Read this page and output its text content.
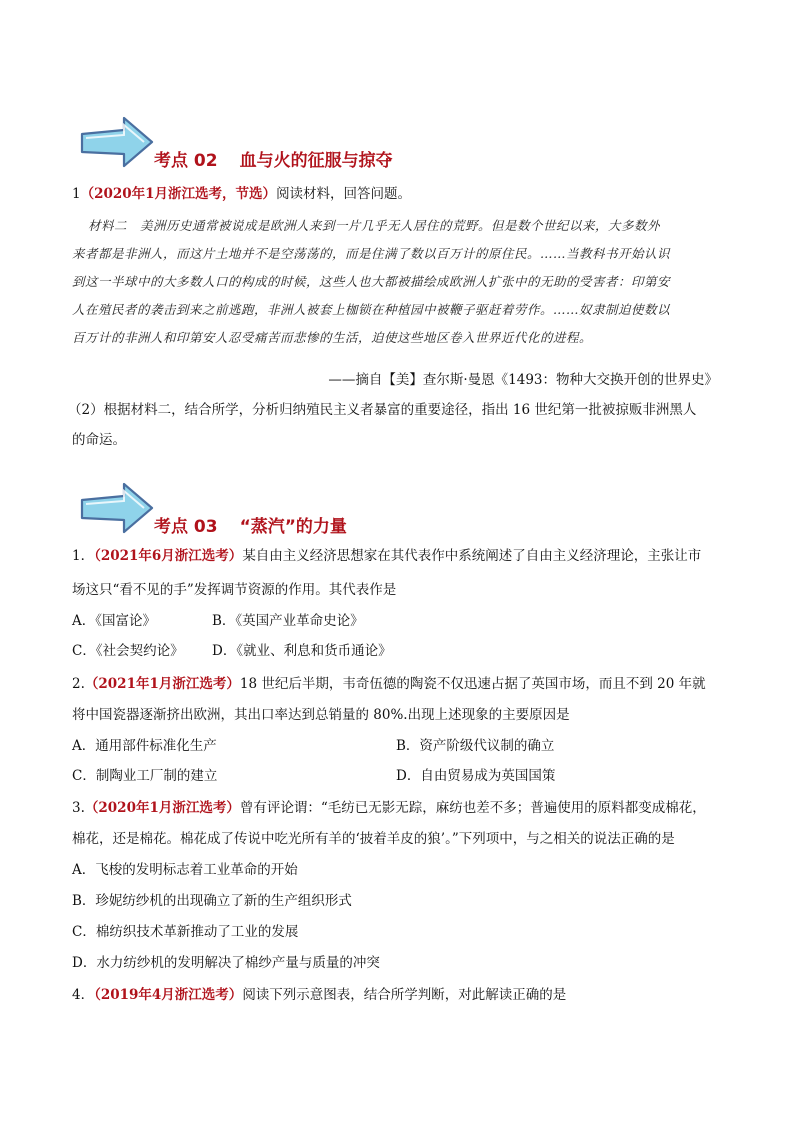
考点 02 血与火的征服与掠夺
1（2020年1月浙江选考，节选）阅读材料，回答问题。
材料二　美洲历史通常被说成是欧洲人来到一片几乎无人居住的荒野。但是数个世纪以来，大多数外
来者都是非洲人，而这片土地并不是空荡荡的，而是住满了数以百万计的原住民。……当教科书开始认识
到这一半球中的大多数人口的构成的时候，这些人也大都被描绘成欧洲人扩张中的无助的受害者：印第安
人在殖民者的袭击到来之前逃跑，非洲人被套上枷锁在种植园中被鞭子驱赶着劳作。……奴隶制迫使数以
百万计的非洲人和印第安人忍受痛苦而悲惨的生活，迫使这些地区卷入世界近代化的进程。
——摘自【美】查尔斯·曼恩《1493：物种大交换开创的世界史》
（2）根据材料二，结合所学，分析归纳殖民主义者暴富的重要途径，指出 16 世纪第一批被掠贩非洲黑人
的命运。
考点 03 “蒸汽”的力量
1．（2021年6月浙江选考）某自由主义经济思想家在其代表作中系统阐述了自由主义经济理论，主张让市
场这只“看不见的手”发挥调节资源的作用。其代表作是
A．《国富论》	B．《英国产业革命史论》
C．《社会契约论》 D．《就业、利息和货币通论》
2.（2021年1月浙江选考）18 世纪后半期，韦奇伍德的陶瓷不仅迅速占据了英国市场，而且不到 20 年就
将中国瓷器逐渐挤出欧洲，其出口率达到总销量的 80%.出现上述现象的主要原因是
A．通用部件标准化生产	B．资产阶级代议制的确立
C．制陶业工厂制的建立	D．自由贸易成为英国国策
3.（2020年1月浙江选考）曾有评论谓：“毛纺已无影无踪，麻纺也差不多；普遍使用的原料都变成棉花，
棉花，还是棉花。棉花成了传说中吃光所有羊的‘披着羊皮的狼’。”下列项中，与之相关的说法正确的是
A．飞梭的发明标志着工业革命的开始
B．珍妮纺纱机的出现确立了新的生产组织形式
C．棉纺织技术革新推动了工业的发展
D．水力纺纱机的发明解决了棉纱产量与质量的冲突
4．（2019年4月浙江选考）阅读下列示意图表，结合所学判断，对此解读正确的是
